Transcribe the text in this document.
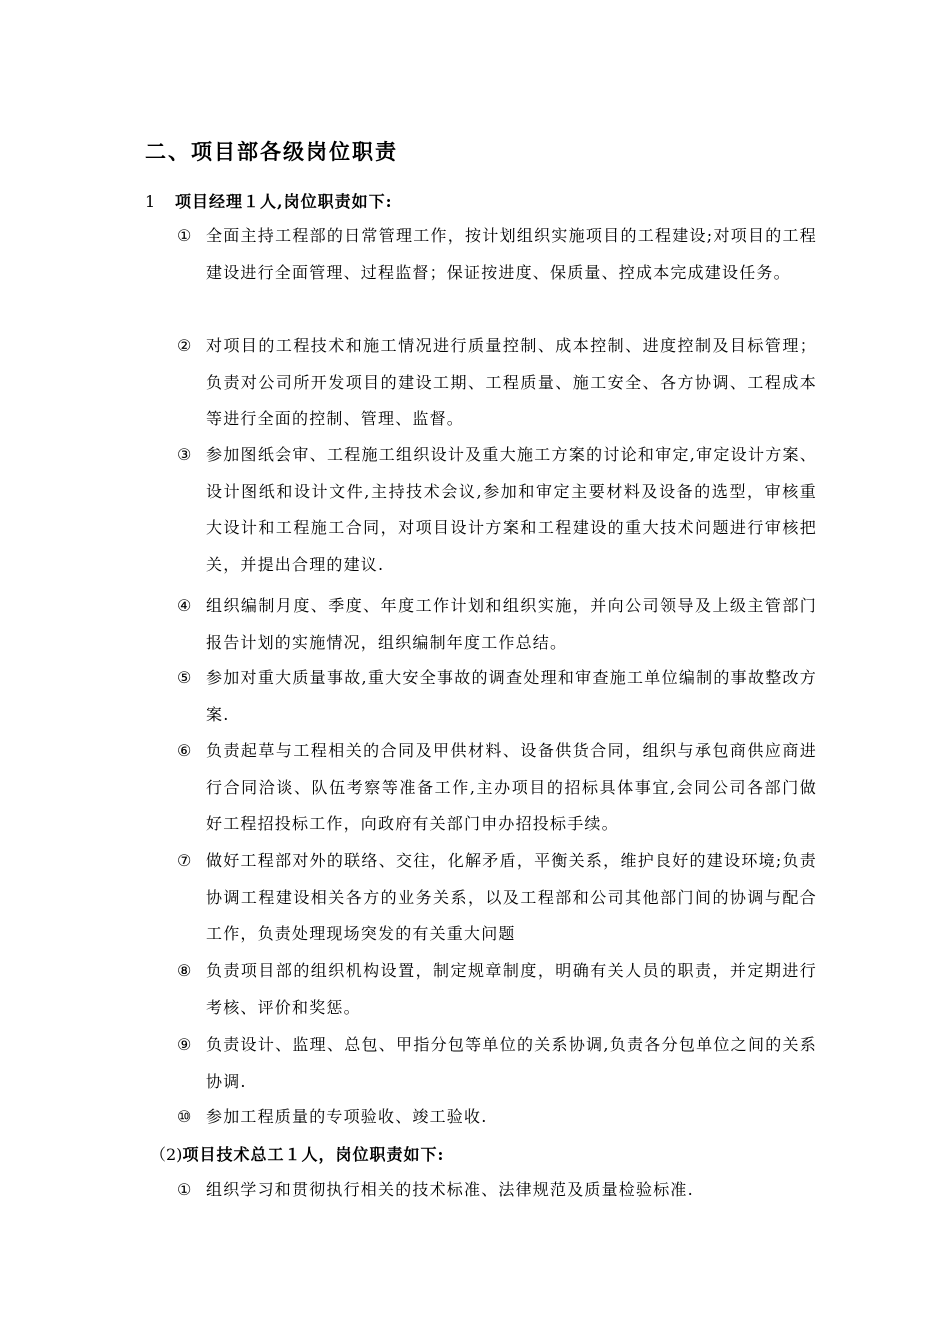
二、项目部各级岗位职责
1 项目经理１人,岗位职责如下:
① 全面主持工程部的日常管理工作，按计划组织实施项目的工程建设;对项目的工程建设进行全面管理、过程监督；保证按进度、保质量、控成本完成建设任务。
② 对项目的工程技术和施工情况进行质量控制、成本控制、进度控制及目标管理；负责对公司所开发项目的建设工期、工程质量、施工安全、各方协调、工程成本等进行全面的控制、管理、监督。
③ 参加图纸会审、工程施工组织设计及重大施工方案的讨论和审定,审定设计方案、设计图纸和设计文件,主持技术会议,参加和审定主要材料及设备的选型，审核重大设计和工程施工合同，对项目设计方案和工程建设的重大技术问题进行审核把关，并提出合理的建议.
④ 组织编制月度、季度、年度工作计划和组织实施，并向公司领导及上级主管部门报告计划的实施情况，组织编制年度工作总结。
⑤ 参加对重大质量事故,重大安全事故的调查处理和审查施工单位编制的事故整改方案.
⑥ 负责起草与工程相关的合同及甲供材料、设备供货合同，组织与承包商供应商进行合同洽谈、队伍考察等准备工作,主办项目的招标具体事宜,会同公司各部门做好工程招投标工作，向政府有关部门申办招投标手续。
⑦ 做好工程部对外的联络、交往，化解矛盾，平衡关系，维护良好的建设环境;负责协调工程建设相关各方的业务关系，以及工程部和公司其他部门间的协调与配合工作，负责处理现场突发的有关重大问题
⑧ 负责项目部的组织机构设置，制定规章制度，明确有关人员的职责，并定期进行考核、评价和奖惩。
⑨ 负责设计、监理、总包、甲指分包等单位的关系协调,负责各分包单位之间的关系协调.
⑩ 参加工程质量的专项验收、竣工验收.
（2)项目技术总工１人，岗位职责如下:
① 组织学习和贯彻执行相关的技术标准、法律规范及质量检验标准.
